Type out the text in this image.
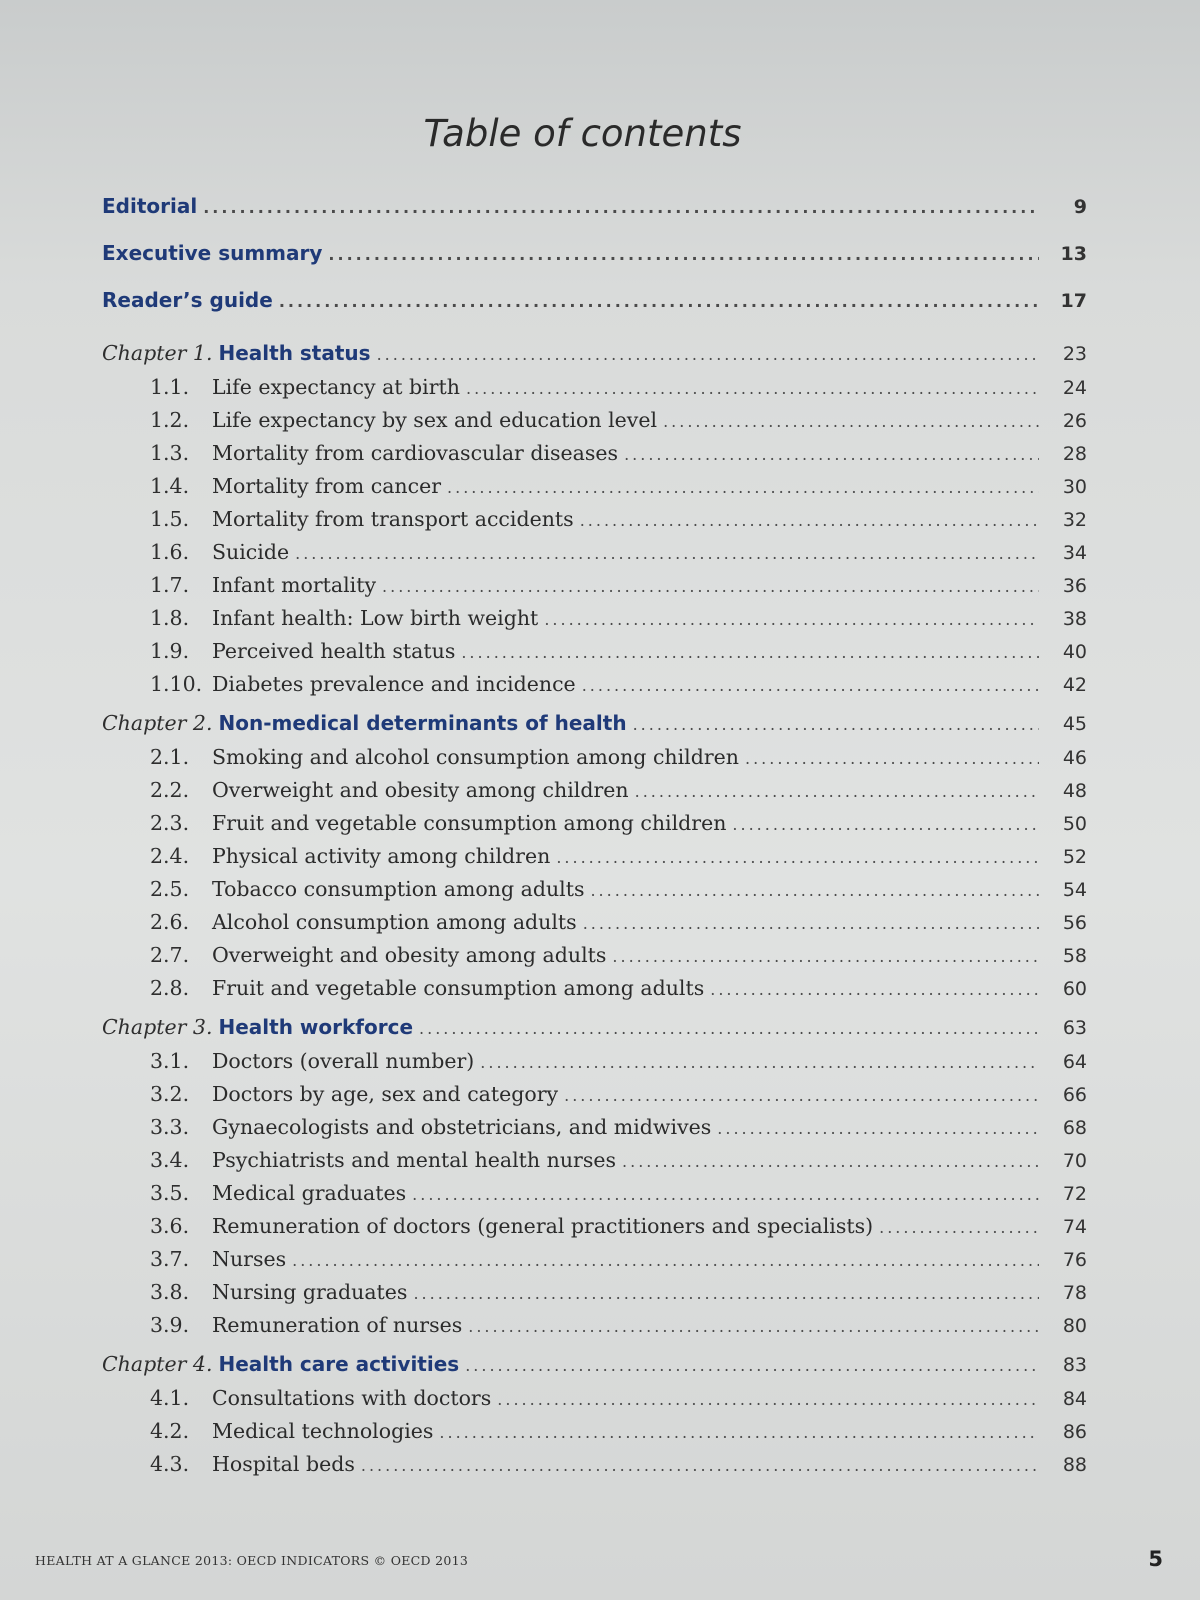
Table of contents
Editorial .....	9
Executive summary .....	13
Reader’s guide .....	17
Chapter 1. Health status .....	23
1.1.	Life expectancy at birth .....	24
1.2.	Life expectancy by sex and education level .....	26
1.3.	Mortality from cardiovascular diseases .....	28
1.4.	Mortality from cancer .....	30
1.5.	Mortality from transport accidents .....	32
1.6.	Suicide .....	34
1.7.	Infant mortality .....	36
1.8.	Infant health: Low birth weight .....	38
1.9.	Perceived health status .....	40
1.10. Diabetes prevalence and incidence .....	42
Chapter 2. Non-medical determinants of health .....	45
2.1.	Smoking and alcohol consumption among children .....	46
2.2.	Overweight and obesity among children .....	48
2.3.	Fruit and vegetable consumption among children .....	50
2.4.	Physical activity among children .....	52
2.5.	Tobacco consumption among adults .....	54
2.6.	Alcohol consumption among adults .....	56
2.7.	Overweight and obesity among adults .....	58
2.8.	Fruit and vegetable consumption among adults .....	60
Chapter 3. Health workforce .....	63
3.1.	Doctors (overall number) .....	64
3.2.	Doctors by age, sex and category .....	66
3.3.	Gynaecologists and obstetricians, and midwives .....	68
3.4.	Psychiatrists and mental health nurses .....	70
3.5.	Medical graduates .....	72
3.6.	Remuneration of doctors (general practitioners and specialists) .....	74
3.7.	Nurses .....	76
3.8.	Nursing graduates .....	78
3.9.	Remuneration of nurses .....	80
Chapter 4. Health care activities .....	83
4.1.	Consultations with doctors .....	84
4.2.	Medical technologies .....	86
4.3.	Hospital beds .....	88
HEALTH AT A GLANCE 2013: OECD INDICATORS © OECD 2013	5
